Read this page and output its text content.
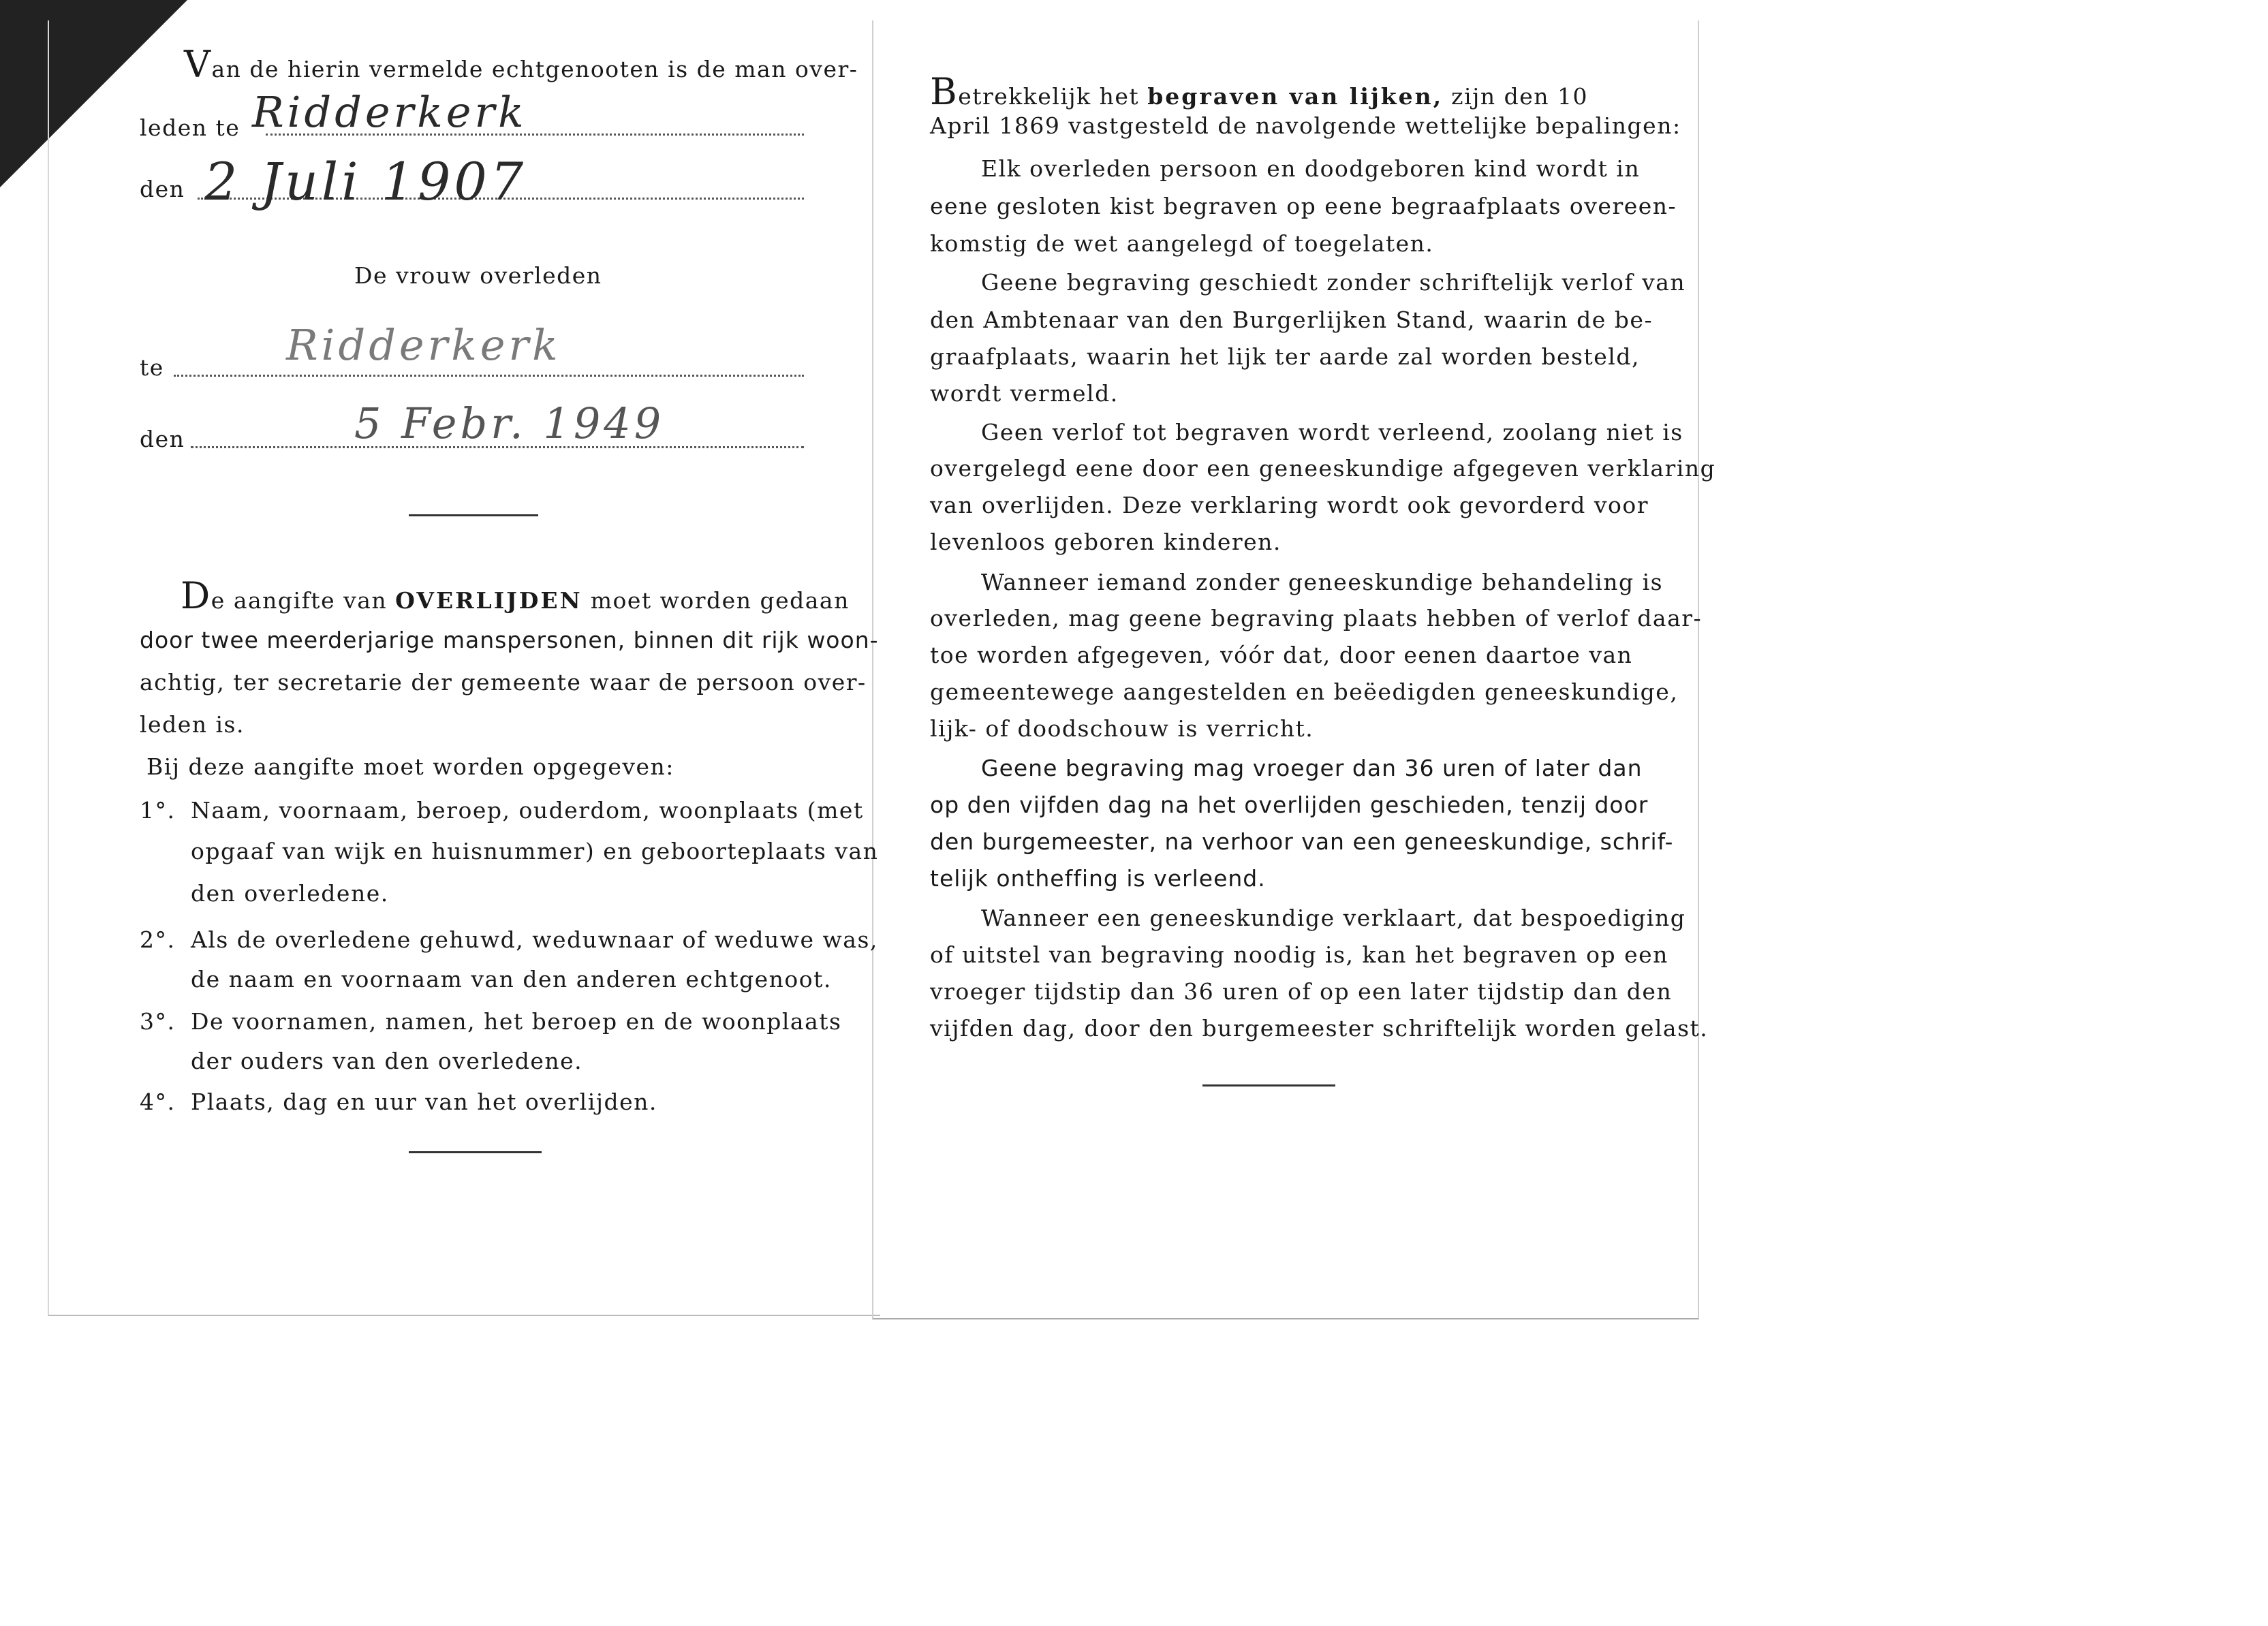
Van de hierin vermelde echtgenooten is de man over-
leden te Ridderkerk
den 2 Juli 1907
De vrouw overleden
te	Ridderkerk
den	5 Febr. 1949
De aangifte van OVERLIJDEN moet worden gedaan
door twee meerderjarige manspersonen, binnen dit rijk woon-
achtig, ter secretarie der gemeente waar de persoon over-
leden is.
Bij deze aangifte moet worden opgegeven:
1°. Naam, voornaam, beroep, ouderdom, woonplaats (met
opgaaf van wijk en huisnummer) en geboorteplaats van
den overledene.
2°. Als de overledene gehuwd, weduwnaar of weduwe was,
de naam en voornaam van den anderen echtgenoot.
3°. De voornamen, namen, het beroep en de woonplaats
der ouders van den overledene.
4°. Plaats, dag en uur van het overlijden.
Betrekkelijk het begraven van lijken, zijn den 10
April 1869 vastgesteld de navolgende wettelijke bepalingen:
Elk overleden persoon en doodgeboren kind wordt in
eene gesloten kist begraven op eene begraafplaats overeen-
komstig de wet aangelegd of toegelaten.
Geene begraving geschiedt zonder schriftelijk verlof van
den Ambtenaar van den Burgerlijken Stand, waarin de be-
graafplaats, waarin het lijk ter aarde zal worden besteld,
wordt vermeld.
Geen verlof tot begraven wordt verleend, zoolang niet is
overgelegd eene door een geneeskundige afgegeven verklaring
van overlijden. Deze verklaring wordt ook gevorderd voor
levenloos geboren kinderen.
Wanneer iemand zonder geneeskundige behandeling is
overleden, mag geene begraving plaats hebben of verlof daar-
toe worden afgegeven, vóór dat, door eenen daartoe van
gemeentewege aangestelden en beëedigden geneeskundige,
lijk- of doodschouw is verricht.
Geene begraving mag vroeger dan 36 uren of later dan
op den vijfden dag na het overlijden geschieden, tenzij door
den burgemeester, na verhoor van een geneeskundige, schrif-
telijk ontheffing is verleend.
Wanneer een geneeskundige verklaart, dat bespoediging
of uitstel van begraving noodig is, kan het begraven op een
vroeger tijdstip dan 36 uren of op een later tijdstip dan den
vijfden dag, door den burgemeester schriftelijk worden gelast.
